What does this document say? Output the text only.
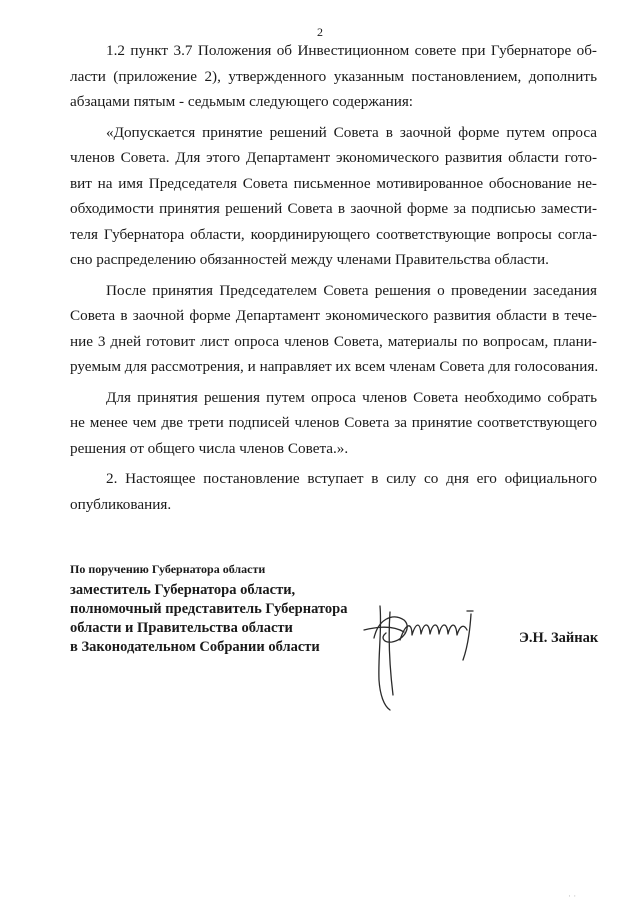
2

1.2 пункт 3.7 Положения об Инвестиционном совете при Губернаторе об-
ласти (приложение 2), утвержденного указанным постановлением, дополнить
абзацами пятым - седьмым следующего содержания:

«Допускается принятие решений Совета в заочной форме путем опроса
членов Совета. Для этого Департамент экономического развития области гото-
вит на имя Председателя Совета письменное мотивированное обоснование не-
обходимости принятия решений Совета в заочной форме за подписью замести-
теля Губернатора области, координирующего соответствующие вопросы согла-
сно распределению обязанностей между членами Правительства области.

После принятия Председателем Совета решения о проведении заседания
Совета в заочной форме Департамент экономического развития области в тече-
ние 3 дней готовит лист опроса членов Совета, материалы по вопросам, плани-
руемым для рассмотрения, и направляет их всем членам Совета для голосования.

Для принятия решения путем опроса членов Совета необходимо собрать
не менее чем две трети подписей членов Совета за принятие соответствующего
решения от общего числа членов Совета.».

2. Настоящее постановление вступает в силу со дня его официального
опубликования.

По поручению Губернатора области
заместитель Губернатора области,
полномочный представитель Губернатора
области и Правительства области
в Законодательном Собрании области
Э.Н. Зайнак
· ·
